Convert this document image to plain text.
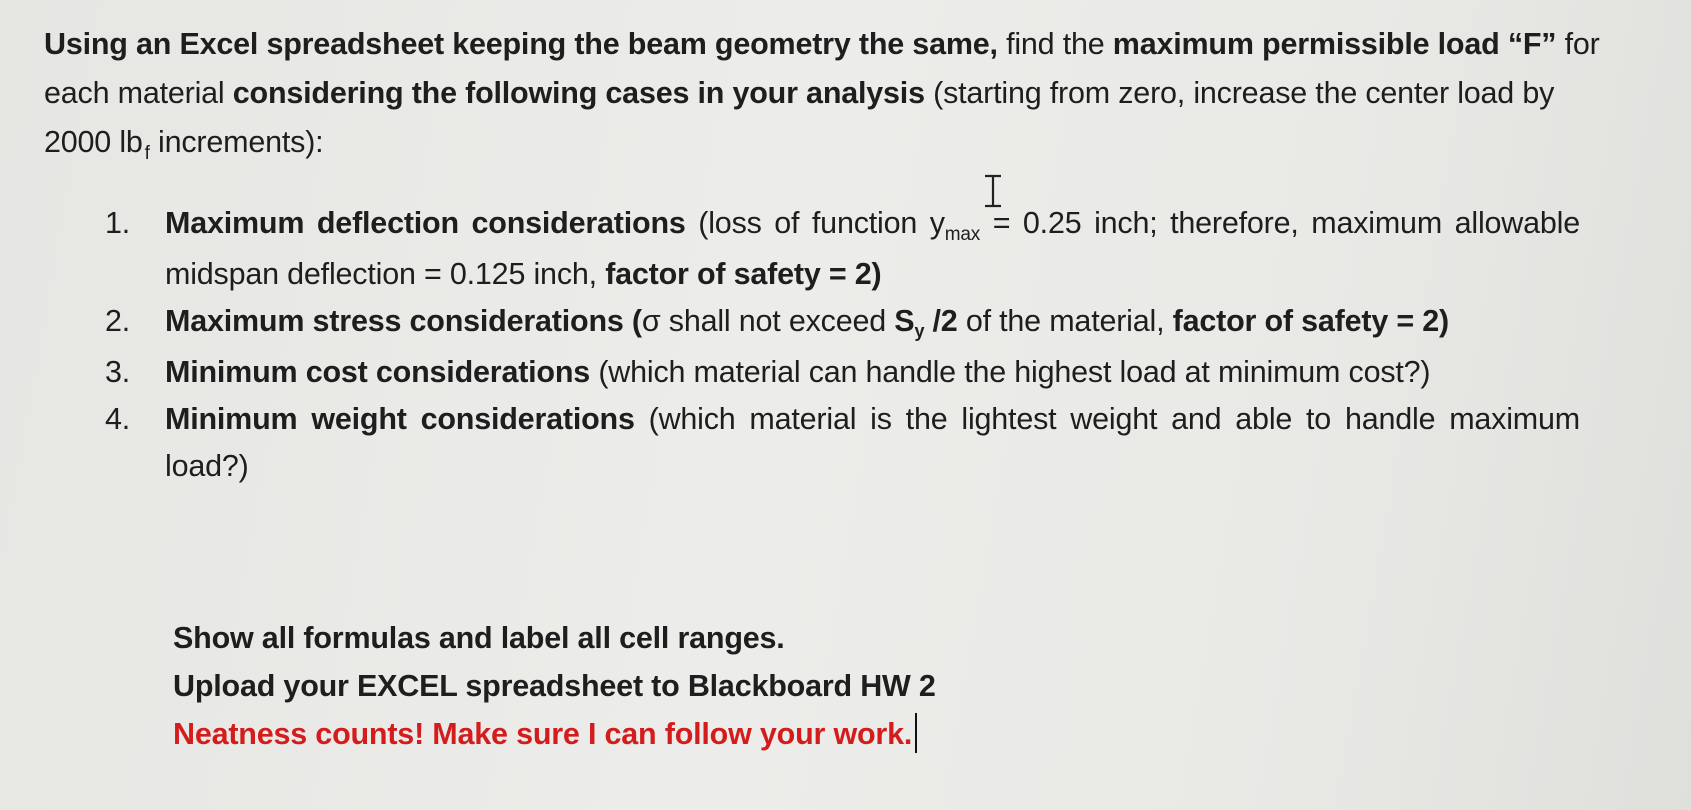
Using an Excel spreadsheet keeping the beam geometry the same, find the maximum permissible load “F” for each material considering the following cases in your analysis (starting from zero, increase the center load by 2000 lb $_f$ increments):

1.	Maximum deflection considerations (loss of function $y_{max} = 0.25$ inch; therefore, maximum allowable midspan deflection = 0.125 inch, factor of safety = 2)
2.	Maximum stress considerations (σ shall not exceed Sy /2 of the material, factor of safety = 2)
3.	Minimum cost considerations (which material can handle the highest load at minimum cost?)
4.	Minimum weight considerations (which material is the lightest weight and able to handle maximum load?)
Show all formulas and label all cell ranges.
Upload your EXCEL spreadsheet to Blackboard HW 2
Neatness counts! Make sure I can follow your work.
